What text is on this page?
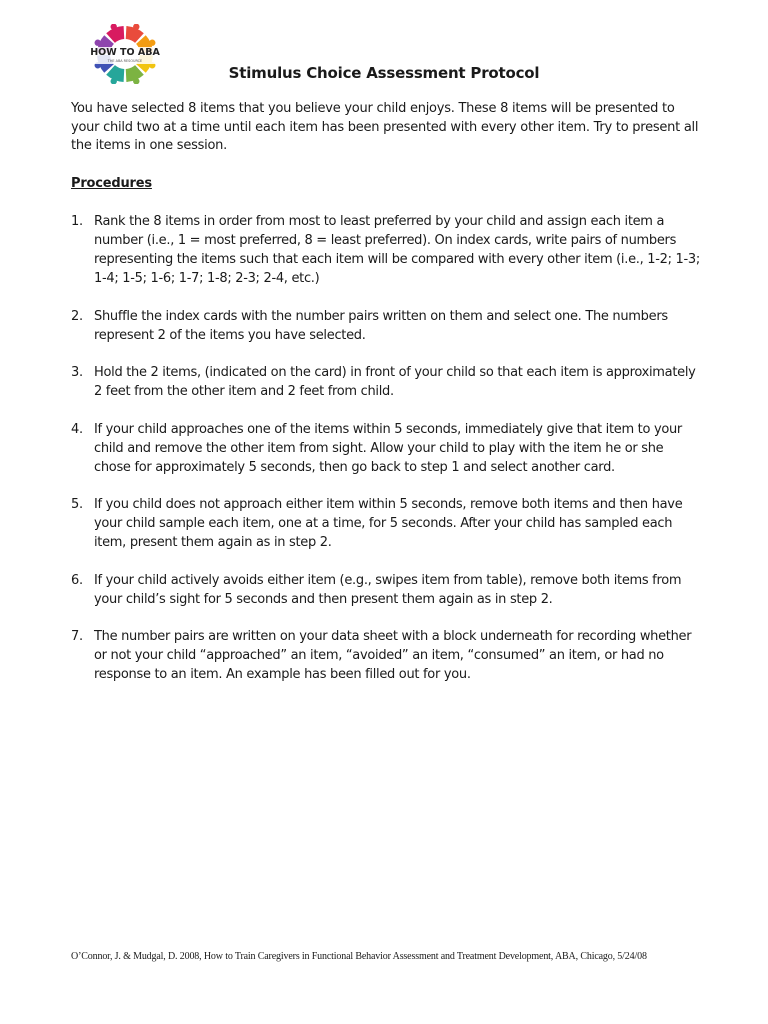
HOW TO ABA
THE ABA RESOURCE
Stimulus Choice Assessment Protocol

You have selected 8 items that you believe your child enjoys. These 8 items will be presented to your child two at a time until each item has been presented with every other item. Try to present all the items in one session.

Procedures
1. Rank the 8 items in order from most to least preferred by your child and assign each item a number (i.e., 1 = most preferred, 8 = least preferred). On index cards, write pairs of numbers representing the items such that each item will be compared with every other item (i.e., 1-2; 1-3; 1-4; 1-5; 1-6; 1-7; 1-8; 2-3; 2-4, etc.)
2. Shuffle the index cards with the number pairs written on them and select one. The numbers represent 2 of the items you have selected.
3. Hold the 2 items, (indicated on the card) in front of your child so that each item is approximately 2 feet from the other item and 2 feet from child.
4. If your child approaches one of the items within 5 seconds, immediately give that item to your child and remove the other item from sight. Allow your child to play with the item he or she chose for approximately 5 seconds, then go back to step 1 and select another card.
5. If you child does not approach either item within 5 seconds, remove both items and then have your child sample each item, one at a time, for 5 seconds. After your child has sampled each item, present them again as in step 2.
6. If your child actively avoids either item (e.g., swipes item from table), remove both items from your child’s sight for 5 seconds and then present them again as in step 2.
7. The number pairs are written on your data sheet with a block underneath for recording whether or not your child “approached” an item, “avoided” an item, “consumed” an item, or had no response to an item. An example has been filled out for you.
O’Connor, J. & Mudgal, D. 2008, How to Train Caregivers in Functional Behavior Assessment and Treatment Development, ABA, Chicago, 5/24/08
